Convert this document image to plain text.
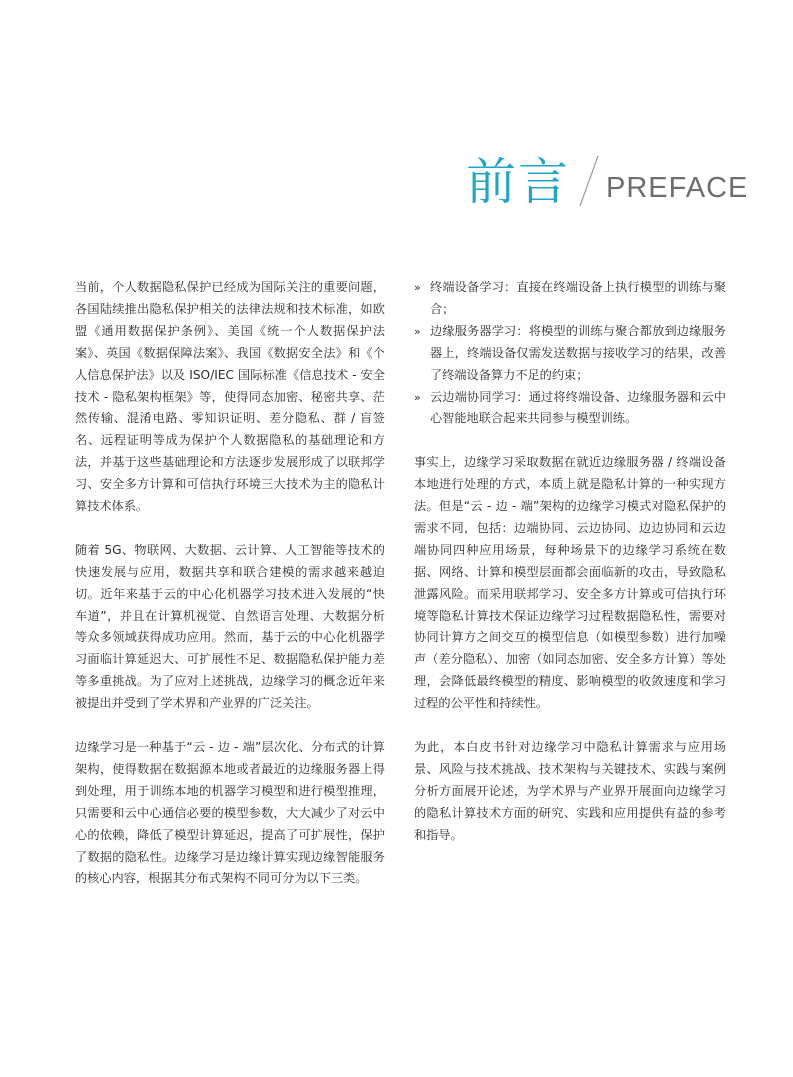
前言 PREFACE

当前，个人数据隐私保护已经成为国际关注的重要问题，各国陆续推出隐私保护相关的法律法规和技术标准，如欧盟《通用数据保护条例》、美国《统一个人数据保护法案》、英国《数据保障法案》、我国《数据安全法》和《个人信息保护法》以及 ISO/IEC 国际标准《信息技术 - 安全技术 - 隐私架构框架》等，使得同态加密、秘密共享、茫然传输、混淆电路、零知识证明、差分隐私、群 / 盲签名、远程证明等成为保护个人数据隐私的基础理论和方法，并基于这些基础理论和方法逐步发展形成了以联邦学习、安全多方计算和可信执行环境三大技术为主的隐私计算技术体系。

随着 5G、物联网、大数据、云计算、人工智能等技术的快速发展与应用，数据共享和联合建模的需求越来越迫切。近年来基于云的中心化机器学习技术进入发展的“快车道”，并且在计算机视觉、自然语言处理、大数据分析等众多领域获得成功应用。然而，基于云的中心化机器学习面临计算延迟大、可扩展性不足、数据隐私保护能力差等多重挑战。为了应对上述挑战，边缘学习的概念近年来被提出并受到了学术界和产业界的广泛关注。

边缘学习是一种基于“云 - 边 - 端”层次化、分布式的计算架构，使得数据在数据源本地或者最近的边缘服务器上得到处理，用于训练本地的机器学习模型和进行模型推理，只需要和云中心通信必要的模型参数，大大减少了对云中心的依赖，降低了模型计算延迟，提高了可扩展性，保护了数据的隐私性。边缘学习是边缘计算实现边缘智能服务的核心内容，根据其分布式架构不同可分为以下三类。

» 终端设备学习：直接在终端设备上执行模型的训练与聚合；
» 边缘服务器学习：将模型的训练与聚合都放到边缘服务器上，终端设备仅需发送数据与接收学习的结果，改善了终端设备算力不足的约束；
» 云边端协同学习：通过将终端设备、边缘服务器和云中心智能地联合起来共同参与模型训练。

事实上，边缘学习采取数据在就近边缘服务器 / 终端设备本地进行处理的方式，本质上就是隐私计算的一种实现方法。但是“云 - 边 - 端”架构的边缘学习模式对隐私保护的需求不同，包括：边端协同、云边协同、边边协同和云边端协同四种应用场景，每种场景下的边缘学习系统在数据、网络、计算和模型层面都会面临新的攻击，导致隐私泄露风险。而采用联邦学习、安全多方计算或可信执行环境等隐私计算技术保证边缘学习过程数据隐私性，需要对协同计算方之间交互的模型信息（如模型参数）进行加噪声（差分隐私）、加密（如同态加密、安全多方计算）等处理，会降低最终模型的精度、影响模型的收敛速度和学习过程的公平性和持续性。

为此，本白皮书针对边缘学习中隐私计算需求与应用场景、风险与技术挑战、技术架构与关键技术、实践与案例分析方面展开论述，为学术界与产业界开展面向边缘学习的隐私计算技术方面的研究、实践和应用提供有益的参考和指导。
